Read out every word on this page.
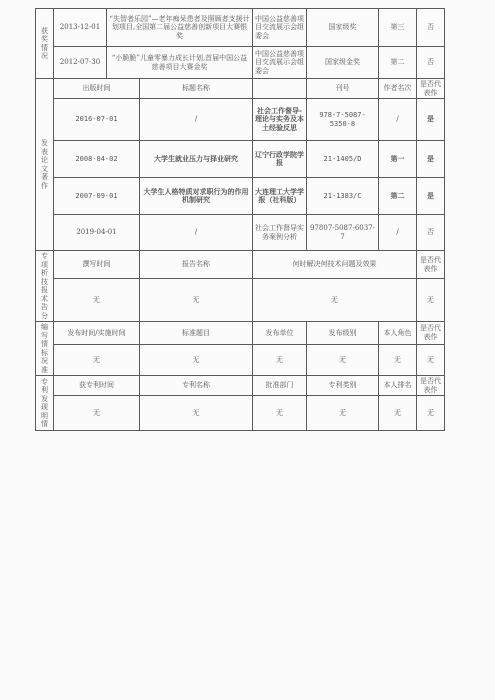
获奖情况	2013-12-01	“失智者乐园”—老年痴呆患者及照顾者支援计划项目,全国第二届公益慈善创新项目大赛银奖		中国公益慈善项目交流展示会组委会	国家级奖	第三	否
	2012-07-30	“小脆脆”儿童零暴力成长计划,首届中国公益慈善项目大赛金奖		中国公益慈善项目交流展示会组委会	国家级金奖	第二	否
发表论文著作	出版时间		标题名称		刊号	作者名次	是否代表作
	2016-07-01		/	社会工作督导-理论与实务及本土经验反思	978-7-5087-5350-8	/	是
	2008-04-02		大学生就业压力与择业研究	辽宁行政学院学报	21-1405/D	第一	是
	2007-09-01		大学生人格特质对求职行为的作用机制研究	大连理工大学学报（社科版）	21-1383/C	第二	是
	2019-04-01		/	社会工作督导实务案例分析	97807-5087-6037-7	/	否
专项析技报术告分	撰写时间		报告名称	何时解决何技术问题及效果			是否代表作
	无		无	无			无
编写情标况准	发布时间/实施时间		标准题目	发布单位	发布级别	本人角色	是否代表作
	无		无	无	无	无	无
专利发现明情	获专利时间		专利名称	批准部门	专利类别	本人排名	是否代表作
	无		无	无	无	无	无
